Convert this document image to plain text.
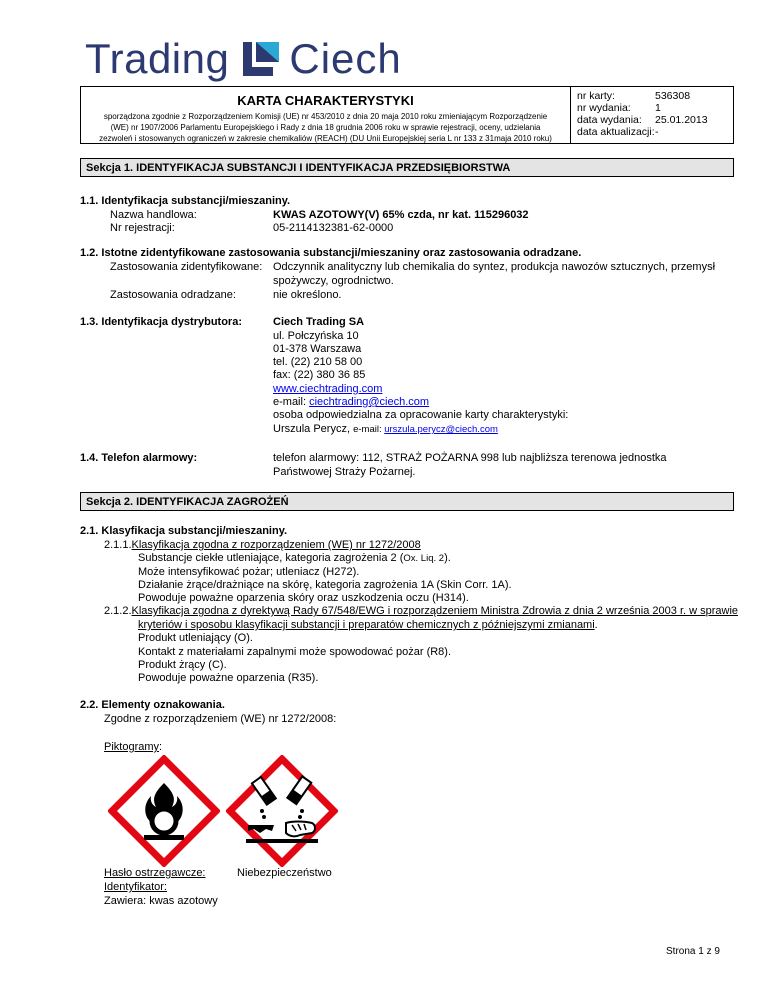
Trading Ciech
KARTA CHARAKTERYSTYKI
sporządzona zgodnie z Rozporządzeniem Komisji (UE) nr 453/2010 z dnia 20 maja 2010 roku zmieniającym Rozporządzenie
(WE) nr 1907/2006 Parlamentu Europejskiego i Rady z dnia 18 grudnia 2006 roku w sprawie rejestracji, oceny, udzielania
zezwoleń i stosowanych ograniczeń w zakresie chemikaliów (REACH) (DU Unii Europejskiej seria L nr 133 z 31maja 2010 roku)
nr karty:	536308
nr wydania:	1
data wydania:	25.01.2013
data aktualizacji: -
Sekcja 1. IDENTYFIKACJA SUBSTANCJI I IDENTYFIKACJA PRZEDSIĘBIORSTWA
1.1. Identyfikacja substancji/mieszaniny.
Nazwa handlowa:	KWAS AZOTOWY(V) 65% czda, nr kat. 115296032
Nr rejestracji:	05-2114132381-62-0000
1.2. Istotne zidentyfikowane zastosowania substancji/mieszaniny oraz zastosowania odradzane.
Zastosowania zidentyfikowane: Odczynnik analityczny lub chemikalia do syntez, produkcja nawozów sztucznych, przemysł
spożywczy, ogrodnictwo.
Zastosowania odradzane:	nie określono.
1.3. Identyfikacja dystrybutora:	Ciech Trading SA
ul. Połczyńska 10
01-378 Warszawa
tel. (22) 210 58 00
fax: (22) 380 36 85
www.ciechtrading.com
e-mail: ciechtrading@ciech.com
osoba odpowiedzialna za opracowanie karty charakterystyki:
Urszula Perycz, e-mail: urszula.perycz@ciech.com
1.4. Telefon alarmowy:	telefon alarmowy: 112, STRAŻ POŻARNA 998 lub najbliższa terenowa jednostka
Państwowej Straży Pożarnej.
Sekcja 2. IDENTYFIKACJA ZAGROŻEŃ
2.1. Klasyfikacja substancji/mieszaniny.
2.1.1.Klasyfikacja zgodna z rozporządzeniem (WE) nr 1272/2008
Substancje ciekłe utleniające, kategoria zagrożenia 2 (Ox. Liq. 2).
Może intensyfikować pożar; utleniacz (H272).
Działanie żrące/drażniące na skórę, kategoria zagrożenia 1A (Skin Corr. 1A).
Powoduje poważne oparzenia skóry oraz uszkodzenia oczu (H314).
2.1.2.Klasyfikacja zgodna z dyrektywą Rady 67/548/EWG i rozporządzeniem Ministra Zdrowia z dnia 2 września 2003 r. w sprawie
kryteriów i sposobu klasyfikacji substancji i preparatów chemicznych z późniejszymi zmianami.
Produkt utleniający (O).
Kontakt z materiałami zapalnymi może spowodować pożar (R8).
Produkt żrący (C).
Powoduje poważne oparzenia (R35).
2.2. Elementy oznakowania.
Zgodne z rozporządzeniem (WE) nr 1272/2008:
Piktogramy:
Hasło ostrzegawcze:	Niebezpieczeństwo
Identyfikator:
Zawiera: kwas azotowy
Strona 1 z 9
